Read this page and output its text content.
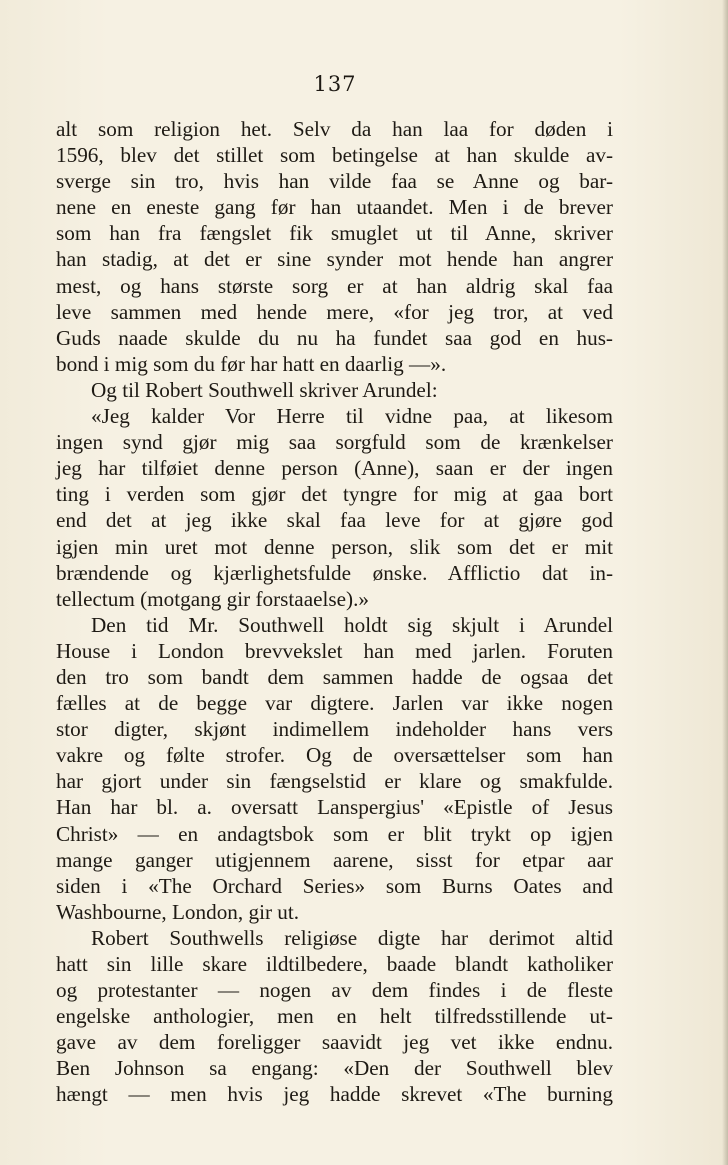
137
alt som religion het. Selv da han laa for døden i
1596, blev det stillet som betingelse at han skulde av-
sverge sin tro, hvis han vilde faa se Anne og bar-
nene en eneste gang før han utaandet. Men i de brever
som han fra fængslet fik smuglet ut til Anne, skriver
han stadig, at det er sine synder mot hende han angrer
mest, og hans største sorg er at han aldrig skal faa
leve sammen med hende mere, «for jeg tror, at ved
Guds naade skulde du nu ha fundet saa god en hus-
bond i mig som du før har hatt en daarlig —».
Og til Robert Southwell skriver Arundel:
«Jeg kalder Vor Herre til vidne paa, at likesom
ingen synd gjør mig saa sorgfuld som de krænkelser
jeg har tilføiet denne person (Anne), saan er der ingen
ting i verden som gjør det tyngre for mig at gaa bort
end det at jeg ikke skal faa leve for at gjøre god
igjen min uret mot denne person, slik som det er mit
brændende og kjærlighetsfulde ønske. Afflictio dat in-
tellectum (motgang gir forstaaelse).»
Den tid Mr. Southwell holdt sig skjult i Arundel
House i London brevvekslet han med jarlen. Foruten
den tro som bandt dem sammen hadde de ogsaa det
fælles at de begge var digtere. Jarlen var ikke nogen
stor digter, skjønt indimellem indeholder hans vers
vakre og følte strofer. Og de oversættelser som han
har gjort under sin fængselstid er klare og smakfulde.
Han har bl. a. oversatt Lanspergius' «Epistle of Jesus
Christ» — en andagtsbok som er blit trykt op igjen
mange ganger utigjennem aarene, sisst for etpar aar
siden i «The Orchard Series» som Burns Oates and
Washbourne, London, gir ut.
Robert Southwells religiøse digte har derimot altid
hatt sin lille skare ildtilbedere, baade blandt katholiker
og protestanter — nogen av dem findes i de fleste
engelske anthologier, men en helt tilfredsstillende ut-
gave av dem foreligger saavidt jeg vet ikke endnu.
Ben Johnson sa engang: «Den der Southwell blev
hængt — men hvis jeg hadde skrevet «The burning
